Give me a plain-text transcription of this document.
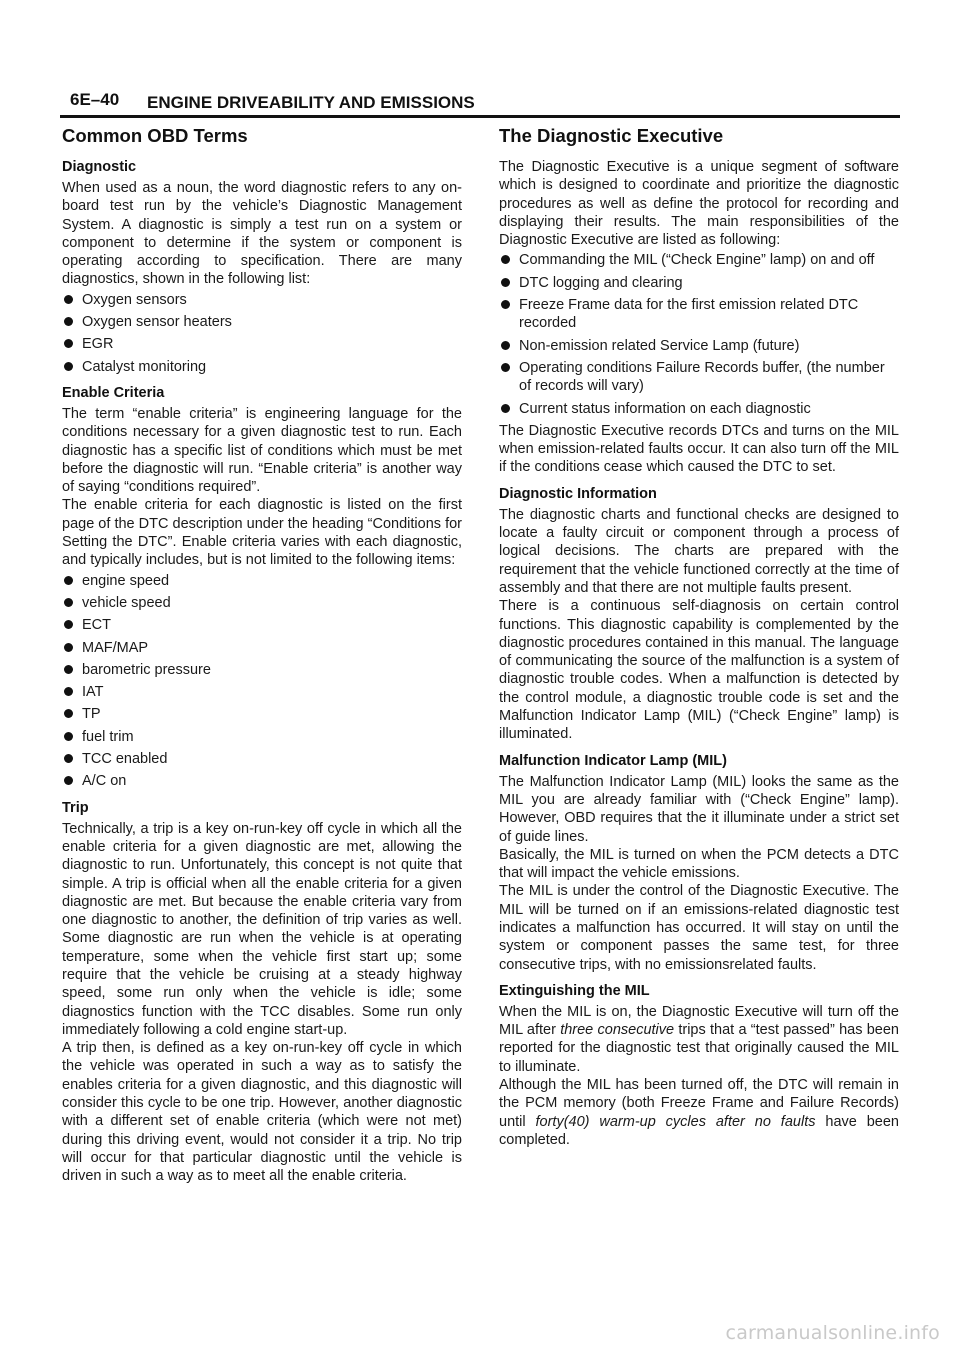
6E–40 ENGINE DRIVEABILITY AND EMISSIONS
Common OBD Terms
Diagnostic

When used as a noun, the word diagnostic refers to any on-board test run by the vehicle’s Diagnostic Management System. A diagnostic is simply a test run on a system or component to determine if the system or component is operating according to specification. There are many diagnostics, shown in the following list:

Oxygen sensors
Oxygen sensor heaters
EGR
Catalyst monitoring
Enable Criteria

The term “enable criteria” is engineering language for the conditions necessary for a given diagnostic test to run. Each diagnostic has a specific list of conditions which must be met before the diagnostic will run. “Enable criteria” is another way of saying “conditions required”.

The enable criteria for each diagnostic is listed on the first page of the DTC description under the heading “Conditions for Setting the DTC”. Enable criteria varies with each diagnostic, and typically includes, but is not limited to the following items:

engine speed
vehicle speed
ECT
MAF/MAP
barometric pressure
IAT
TP
fuel trim
TCC enabled
A/C on
Trip

Technically, a trip is a key on-run-key off cycle in which all the enable criteria for a given diagnostic are met, allowing the diagnostic to run. Unfortunately, this concept is not quite that simple. A trip is official when all the enable criteria for a given diagnostic are met. But because the enable criteria vary from one diagnostic to another, the definition of trip varies as well. Some diagnostic are run when the vehicle is at operating temperature, some when the vehicle first start up; some require that the vehicle be cruising at a steady highway speed, some run only when the vehicle is idle; some diagnostics function with the TCC disables. Some run only immediately following a cold engine start-up.

A trip then, is defined as a key on-run-key off cycle in which the vehicle was operated in such a way as to satisfy the enables criteria for a given diagnostic, and this diagnostic will consider this cycle to be one trip. However, another diagnostic with a different set of enable criteria (which were not met) during this driving event, would not consider it a trip. No trip will occur for that particular diagnostic until the vehicle is driven in such a way as to meet all the enable criteria.

The Diagnostic Executive

The Diagnostic Executive is a unique segment of software which is designed to coordinate and prioritize the diagnostic procedures as well as define the protocol for recording and displaying their results. The main responsibilities of the Diagnostic Executive are listed as following:

Commanding the MIL (“Check Engine” lamp) on and off
DTC logging and clearing
Freeze Frame data for the first emission related DTC recorded
Non-emission related Service Lamp (future)
Operating conditions Failure Records buffer, (the number of records will vary)
Current status information on each diagnostic

The Diagnostic Executive records DTCs and turns on the MIL when emission-related faults occur. It can also turn off the MIL if the conditions cease which caused the DTC to set.

Diagnostic Information

The diagnostic charts and functional checks are designed to locate a faulty circuit or component through a process of logical decisions. The charts are prepared with the requirement that the vehicle functioned correctly at the time of assembly and that there are not multiple faults present.

There is a continuous self-diagnosis on certain control functions. This diagnostic capability is complemented by the diagnostic procedures contained in this manual. The language of communicating the source of the malfunction is a system of diagnostic trouble codes. When a malfunction is detected by the control module, a diagnostic trouble code is set and the Malfunction Indicator Lamp (MIL) (“Check Engine” lamp) is illuminated.

Malfunction Indicator Lamp (MIL)

The Malfunction Indicator Lamp (MIL) looks the same as the MIL you are already familiar with (“Check Engine” lamp). However, OBD requires that the it illuminate under a strict set of guide lines.

Basically, the MIL is turned on when the PCM detects a DTC that will impact the vehicle emissions.

The MIL is under the control of the Diagnostic Executive. The MIL will be turned on if an emissions-related diagnostic test indicates a malfunction has occurred. It will stay on until the system or component passes the same test, for three consecutive trips, with no emissionsrelated faults.

Extinguishing the MIL

When the MIL is on, the Diagnostic Executive will turn off the MIL after three consecutive trips that a “test passed” has been reported for the diagnostic test that originally caused the MIL to illuminate.

Although the MIL has been turned off, the DTC will remain in the PCM memory (both Freeze Frame and Failure Records) until forty(40) warm-up cycles after no faults have been completed.

carmanualsonline.info
